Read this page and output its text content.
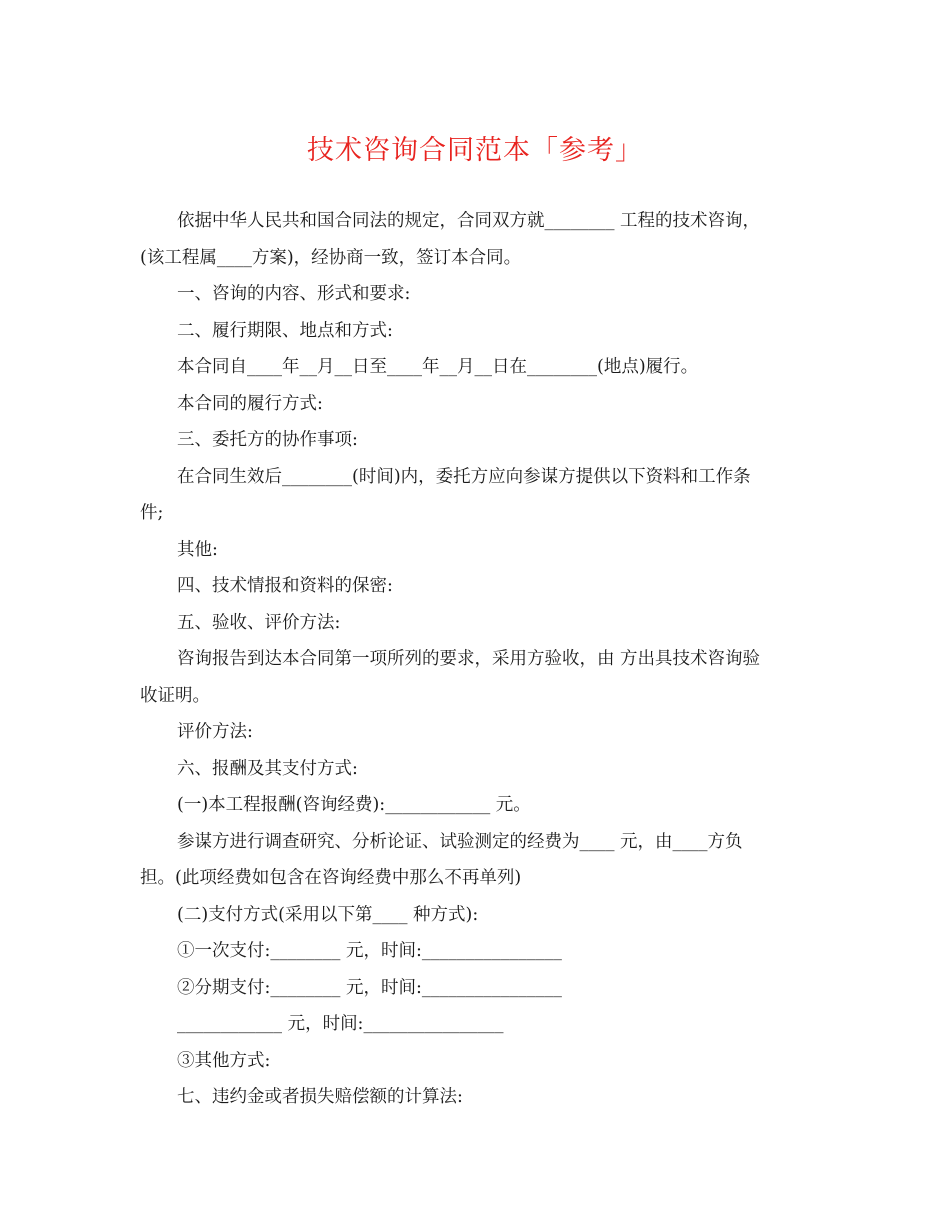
技术咨询合同范本「参考」

依据中华人民共和国合同法的规定，合同双方就________ 工程的技术咨询，

(该工程属____方案)，经协商一致，签订本合同。

一、咨询的内容、形式和要求:

二、履行期限、地点和方式:

本合同自____年__月__日至____年__月__日在________(地点)履行。

本合同的履行方式:

三、委托方的协作事项:

在合同生效后________(时间)内，委托方应向参谋方提供以下资料和工作条

件;

其他:

四、技术情报和资料的保密:

五、验收、评价方法:

咨询报告到达本合同第一项所列的要求，采用方验收，由 方出具技术咨询验

收证明。

评价方法:

六、报酬及其支付方式:

(一)本工程报酬(咨询经费):____________ 元。

参谋方进行调查研究、分析论证、试验测定的经费为____ 元，由____方负

担。(此项经费如包含在咨询经费中那么不再单列)

(二)支付方式(采用以下第____ 种方式):

①一次支付:________ 元，时间:________________

②分期支付:________ 元，时间:________________

____________ 元，时间:________________

③其他方式:

七、违约金或者损失赔偿额的计算法:
